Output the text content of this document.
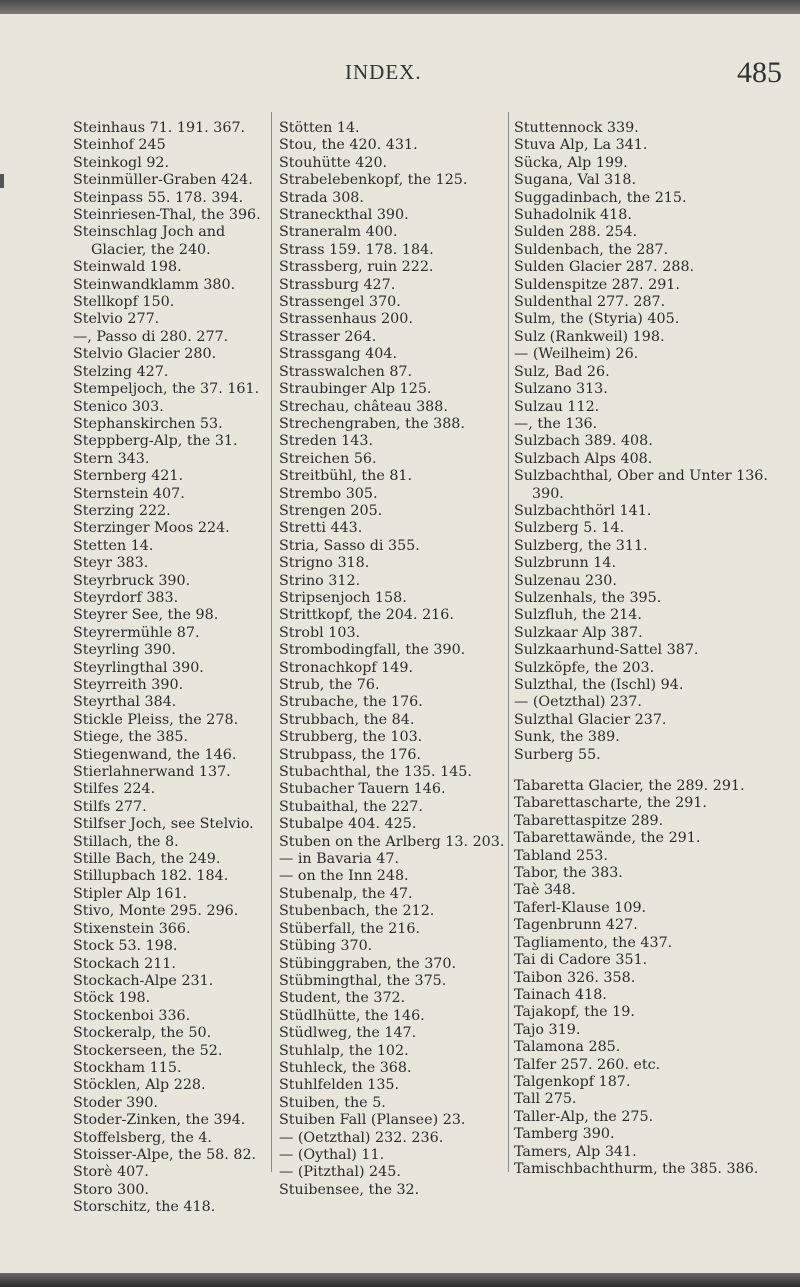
INDEX.	485
Steinhaus 71. 191. 367.
Steinhof 245
Steinkogl 92.
Steinmüller-Graben 424.
Steinpass 55. 178. 394.
Steinriesen-Thal, the 396.
Steinschlag Joch and Glacier, the 240.
Steinwald 198.
Steinwandklamm 380.
Stellkopf 150.
Stelvio 277.
—, Passo di 280. 277.
Stelvio Glacier 280.
Stelzing 427.
Stempeljoch, the 37. 161.
Stenico 303.
Stephanskirchen 53.
Steppberg-Alp, the 31.
Stern 343.
Sternberg 421.
Sternstein 407.
Sterzing 222.
Sterzinger Moos 224.
Stetten 14.
Steyr 383.
Steyrbruck 390.
Steyrdorf 383.
Steyrer See, the 98.
Steyrermühle 87.
Steyrling 390.
Steyrlingthal 390.
Steyrreith 390.
Steyrthal 384.
Stickle Pleiss, the 278.
Stiege, the 385.
Stiegenwand, the 146.
Stierlahnerwand 137.
Stilfes 224.
Stilfs 277.
Stilfser Joch, see Stelvio.
Stillach, the 8.
Stille Bach, the 249.
Stillupbach 182. 184.
Stipler Alp 161.
Stivo, Monte 295. 296.
Stixenstein 366.
Stock 53. 198.
Stockach 211.
Stockach-Alpe 231.
Stöck 198.
Stockenboi 336.
Stockeralp, the 50.
Stockerseen, the 52.
Stockham 115.
Stöcklen, Alp 228.
Stoder 390.
Stoder-Zinken, the 394.
Stoffelsberg, the 4.
Stoisser-Alpe, the 58. 82.
Storè 407.
Storo 300.
Storschitz, the 418.
Stötten 14.
Stou, the 420. 431.
Stouhütte 420.
Strabelebenkopf, the 125.
Strada 308.
Straneckthal 390.
Straneralm 400.
Strass 159. 178. 184.
Strassberg, ruin 222.
Strassburg 427.
Strassengel 370.
Strassenhaus 200.
Strasser 264.
Strassgang 404.
Strasswalchen 87.
Straubinger Alp 125.
Strechau, château 388.
Strechengraben, the 388.
Streden 143.
Streichen 56.
Streitbühl, the 81.
Strembo 305.
Strengen 205.
Stretti 443.
Stria, Sasso di 355.
Strigno 318.
Strino 312.
Stripsenjoch 158.
Strittkopf, the 204. 216.
Strobl 103.
Strombodingfall, the 390.
Stronachkopf 149.
Strub, the 76.
Strubache, the 176.
Strubbach, the 84.
Strubberg, the 103.
Strubpass, the 176.
Stubachthal, the 135. 145.
Stubacher Tauern 146.
Stubaithal, the 227.
Stubalpe 404. 425.
Stuben on the Arlberg 13. 203.
— in Bavaria 47.
— on the Inn 248.
Stubenalp, the 47.
Stubenbach, the 212.
Stüberfall, the 216.
Stübing 370.
Stübinggraben, the 370.
Stübmingthal, the 375.
Student, the 372.
Stüdlhütte, the 146.
Stüdlweg, the 147.
Stuhlalp, the 102.
Stuhleck, the 368.
Stuhlfelden 135.
Stuiben, the 5.
Stuiben Fall (Plansee) 23.
— (Oetzthal) 232. 236.
— (Oythal) 11.
— (Pitzthal) 245.
Stuibensee, the 32.
Stuttennock 339.
Stuva Alp, La 341.
Sücka, Alp 199.
Sugana, Val 318.
Suggadinbach, the 215.
Suhadolnik 418.
Sulden 288. 254.
Suldenbach, the 287.
Sulden Glacier 287. 288.
Suldenspitze 287. 291.
Suldenthal 277. 287.
Sulm, the (Styria) 405.
Sulz (Rankweil) 198.
— (Weilheim) 26.
Sulz, Bad 26.
Sulzano 313.
Sulzau 112.
—, the 136.
Sulzbach 389. 408.
Sulzbach Alps 408.
Sulzbachthal, Ober and Unter 136. 390.
Sulzbachthörl 141.
Sulzberg 5. 14.
Sulzberg, the 311.
Sulzbrunn 14.
Sulzenau 230.
Sulzenhals, the 395.
Sulzfluh, the 214.
Sulzkaar Alp 387.
Sulzkaarhund-Sattel 387.
Sulzköpfe, the 203.
Sulzthal, the (Ischl) 94.
— (Oetzthal) 237.
Sulzthal Glacier 237.
Sunk, the 389.
Surberg 55.
Tabaretta Glacier, the 289. 291.
Tabarettascharte, the 291.
Tabarettaspitze 289.
Tabarettawände, the 291.
Tabland 253.
Tabor, the 383.
Taè 348.
Taferl-Klause 109.
Tagenbrunn 427.
Tagliamento, the 437.
Tai di Cadore 351.
Taibon 326. 358.
Tainach 418.
Tajakopf, the 19.
Tajo 319.
Talamona 285.
Talfer 257. 260. etc.
Talgenkopf 187.
Tall 275.
Taller-Alp, the 275.
Tamberg 390.
Tamers, Alp 341.
Tamischbachthurm, the 385. 386.
